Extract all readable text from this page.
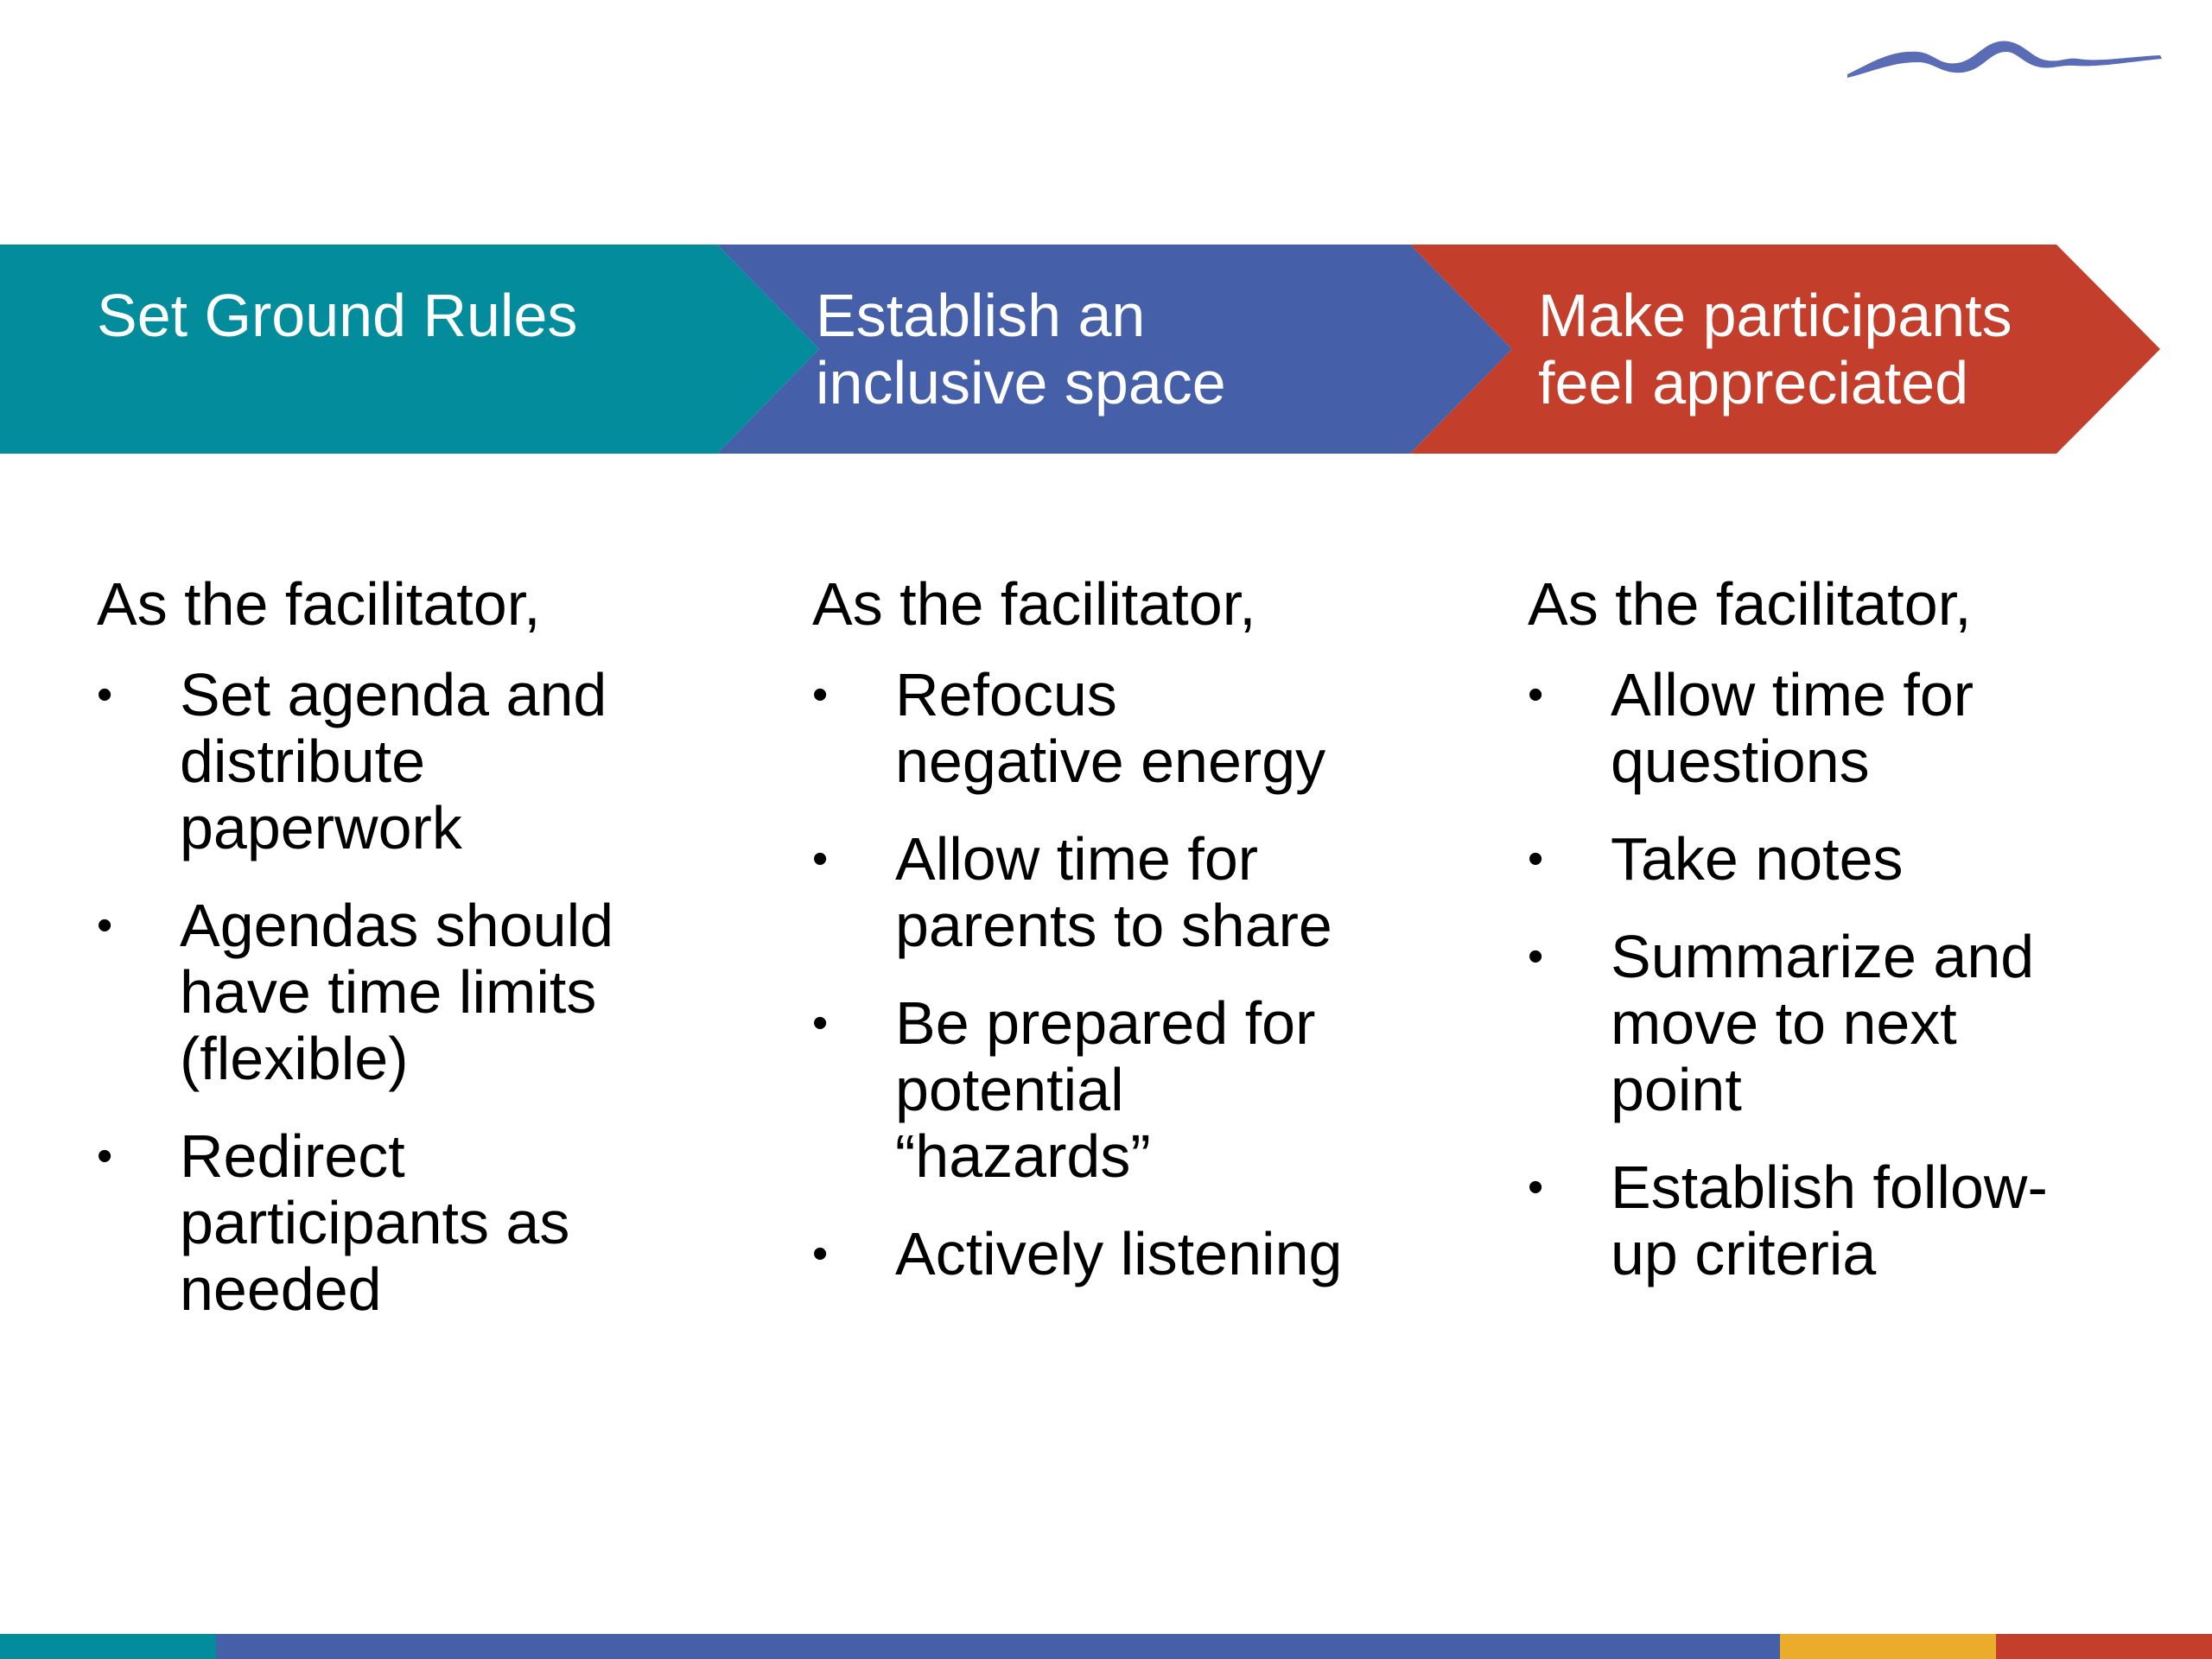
Set Ground Rules	Establish an
inclusive space
Make participants
feel appreciated

As the facilitator,

• Set agenda and
distribute
paperwork
• Agendas should
have time limits
(flexible)
• Redirect
participants as
needed

As the facilitator,

• Refocus
negative energy
• Allow time for
parents to share
• Be prepared for
potential
“hazards”
• Actively listening

As the facilitator,

• Allow time for
questions
• Take notes
• Summarize and
move to next
point
• Establish follow-
up criteria
